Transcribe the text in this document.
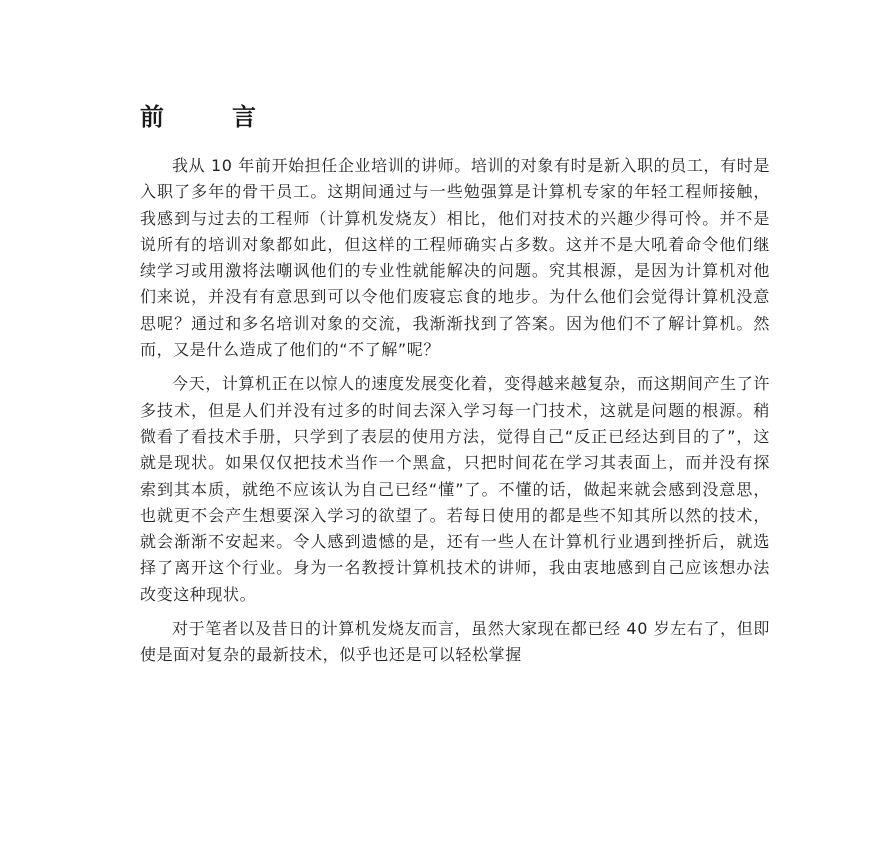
前　言

我从 10 年前开始担任企业培训的讲师。培训的对象有时是新入职的员工，有时是入职了多年的骨干员工。这期间通过与一些勉强算是计算机专家的年轻工程师接触，我感到与过去的工程师（计算机发烧友）相比，他们对技术的兴趣少得可怜。并不是说所有的培训对象都如此，但这样的工程师确实占多数。这并不是大吼着命令他们继续学习或用激将法嘲讽他们的专业性就能解决的问题。究其根源，是因为计算机对他们来说，并没有有意思到可以令他们废寝忘食的地步。为什么他们会觉得计算机没意思呢？通过和多名培训对象的交流，我渐渐找到了答案。因为他们不了解计算机。然而，又是什么造成了他们的“不了解”呢？

今天，计算机正在以惊人的速度发展变化着，变得越来越复杂，而这期间产生了许多技术，但是人们并没有过多的时间去深入学习每一门技术，这就是问题的根源。稍微看了看技术手册，只学到了表层的使用方法，觉得自己“反正已经达到目的了”，这就是现状。如果仅仅把技术当作一个黑盒，只把时间花在学习其表面上，而并没有探索到其本质，就绝不应该认为自己已经“懂”了。不懂的话，做起来就会感到没意思，也就更不会产生想要深入学习的欲望了。若每日使用的都是些不知其所以然的技术，就会渐渐不安起来。令人感到遗憾的是，还有一些人在计算机行业遇到挫折后，就选择了离开这个行业。身为一名教授计算机技术的讲师，我由衷地感到自己应该想办法改变这种现状。

对于笔者以及昔日的计算机发烧友而言，虽然大家现在都已经 40 岁左右了，但即使是面对复杂的最新技术，似乎也还是可以轻松掌握
